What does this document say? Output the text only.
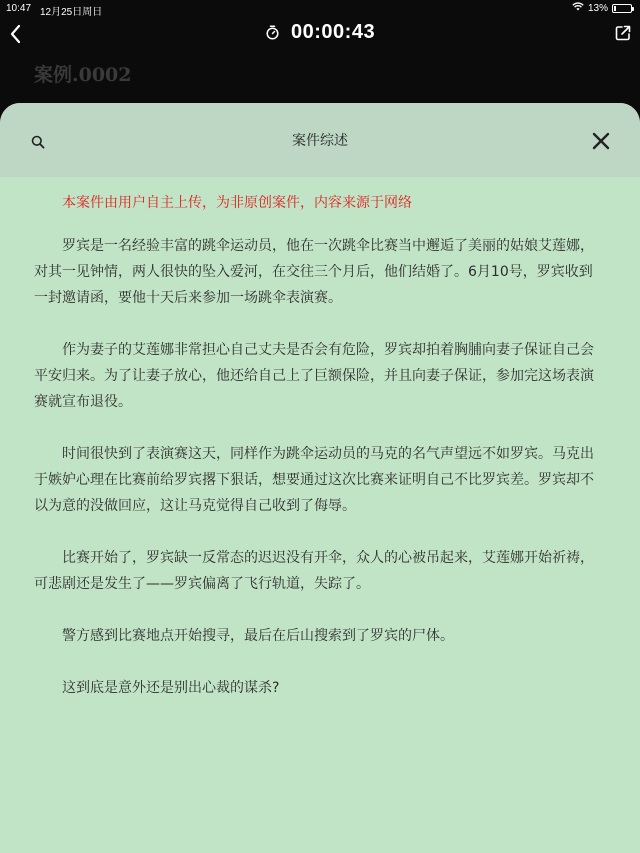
10:47 12月25日周日	13%
00:00:43
案例.0002
案件综述
本案件由用户自主上传，为非原创案件，内容来源于网络
罗宾是一名经验丰富的跳伞运动员，他在一次跳伞比赛当中邂逅了美丽的姑娘艾莲娜，
对其一见钟情，两人很快的坠入爱河，在交往三个月后，他们结婚了。6月10号，罗宾收到
一封邀请函，要他十天后来参加一场跳伞表演赛。
作为妻子的艾莲娜非常担心自己丈夫是否会有危险，罗宾却拍着胸脯向妻子保证自己会
平安归来。为了让妻子放心，他还给自己上了巨额保险，并且向妻子保证，参加完这场表演
赛就宣布退役。
时间很快到了表演赛这天，同样作为跳伞运动员的马克的名气声望远不如罗宾。马克出
于嫉妒心理在比赛前给罗宾撂下狠话，想要通过这次比赛来证明自己不比罗宾差。罗宾却不
以为意的没做回应，这让马克觉得自己收到了侮辱。
比赛开始了，罗宾缺一反常态的迟迟没有开伞，众人的心被吊起来，艾莲娜开始祈祷，
可悲剧还是发生了——罗宾偏离了飞行轨道，失踪了。
警方感到比赛地点开始搜寻，最后在后山搜索到了罗宾的尸体。
这到底是意外还是别出心裁的谋杀?
